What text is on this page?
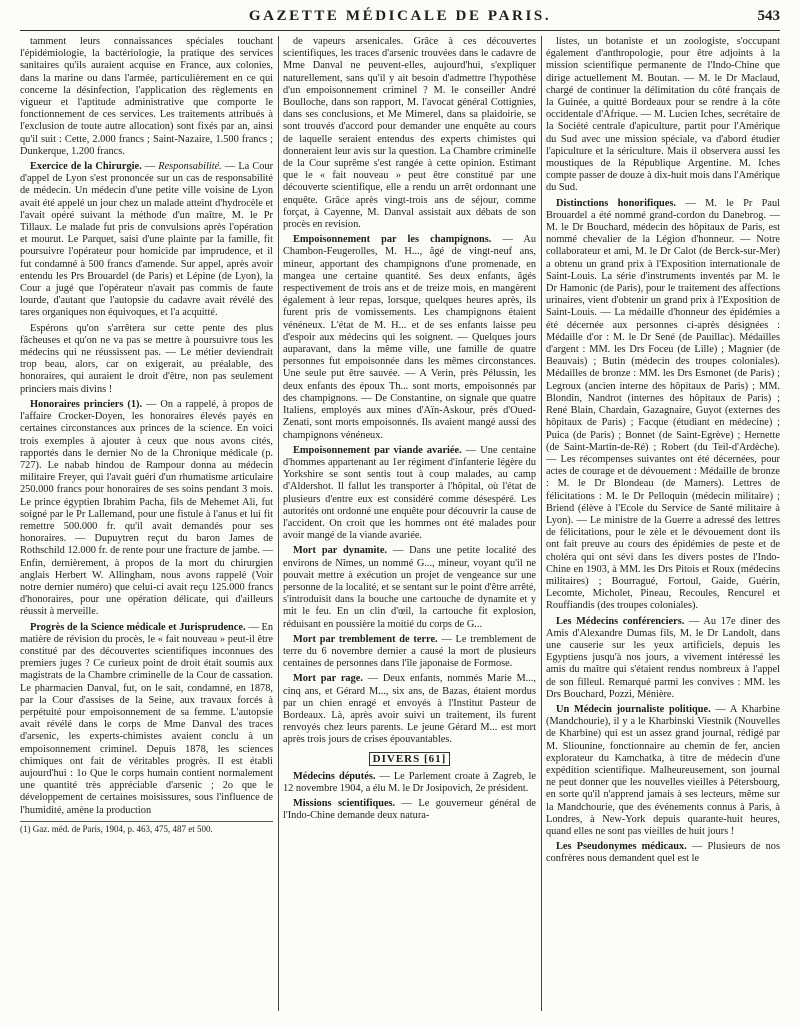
GAZETTE MÉDICALE DE PARIS.	543

tamment leurs connaissances spéciales touchant l'épidémiologie, la bactériologie, la pratique des services sanitaires qu'ils auraient acquise en France, aux colonies, dans la marine ou dans l'armée, particulièrement en ce qui concerne la désinfection, l'application des règlements en vigueur et l'aptitude administrative que comporte le fonctionnement de ces services. Les traitements attribués à l'exclusion de toute autre allocation) sont fixés par an, ainsi qu'il suit : Cette, 2.000 francs ; Saint-Nazaire, 1.500 francs ; Dunkerque, 1.200 francs.

Exercice de la Chirurgie. — Responsabilité. — La Cour d'appel de Lyon s'est prononcée sur un cas de responsabilité de médecin. Un médecin d'une petite ville voisine de Lyon avait été appelé un jour chez un malade atteint d'hydrocèle et l'avait opéré suivant la méthode d'un maître, M. le Pr Tillaux. Le malade fut pris de convulsions après l'opération et mourut. Le Parquet, saisi d'une plainte par la famille, fit poursuivre l'opérateur pour homicide par imprudence, et il fut condamné à 500 francs d'amende. Sur appel, après avoir entendu les Prs Brouardel (de Paris) et Lépine (de Lyon), la Cour a jugé que l'opérateur n'avait pas commis de faute lourde, d'autant que l'autopsie du cadavre avait révélé des tares organiques non équivoques, et l'a acquitté.

Espérons qu'on s'arrêtera sur cette pente des plus fâcheuses et qu'on ne va pas se mettre à poursuivre tous les médecins qui ne réussissent pas. — Le métier deviendrait trop beau, alors, car on exigerait, au préalable, des honoraires, qui auraient le droit d'être, non pas seulement princiers mais divins !

Honoraires princiers (1). — On a rappelé, à propos de l'affaire Crocker-Doyen, les honoraires élevés payés en certaines circonstances aux princes de la science. En voici trois exemples à ajouter à ceux que nous avons cités, rapportés dans le dernier No de la Chronique médicale (p. 727). Le nabab hindou de Rampour donna au médecin militaire Freyer, qui l'avait guéri d'un rhumatisme articulaire 250.000 francs pour honoraires de ses soins pendant 3 mois. Le prince égyptien Ibrahim Pacha, fils de Mehemet Ali, fut soigné par le Pr Lallemand, pour une fistule à l'anus et lui fit remettre 500.000 fr. qu'il avait demandés pour ses honoraires. — Dupuytren reçut du baron James de Rothschild 12.000 fr. de rente pour une fracture de jambe. — Enfin, dernièrement, à propos de la mort du chirurgien anglais Herbert W. Allingham, nous avons rappelé (Voir notre dernier numéro) que celui-ci avait reçu 125.000 francs d'honoraires, pour une opération délicate, qui d'ailleurs réussit à merveille.

Progrès de la Science médicale et Jurisprudence. — En matière de révision du procès, le « fait nouveau » peut-il être constitué par des découvertes scientifiques inconnues des premiers juges ? Ce curieux point de droit était soumis aux magistrats de la Chambre criminelle de la Cour de cassation. Le pharmacien Danval, fut, on le sait, condamné, en 1878, par la Cour d'assises de la Seine, aux travaux forcés à perpétuité pour empoisonnement de sa femme. L'autopsie avait révélé dans le corps de Mme Danval des traces d'arsenic, les experts-chimistes avaient conclu à un empoisonnement criminel. Depuis 1878, les sciences chimiques ont fait de véritables progrès. Il est établi aujourd'hui : 1o Que le corps humain contient normalement une quantité très appréciable d'arsenic ; 2o que le développement de certaines moisissures, sous l'influence de l'humidité, amène la production

(1) Gaz. méd. de Paris, 1904, p. 463, 475, 487 et 500.

de vapeurs arsenicales. Grâce à ces découvertes scientifiques, les traces d'arsenic trouvées dans le cadavre de Mme Danval ne peuvent-elles, aujourd'hui, s'expliquer naturellement, sans qu'il y ait besoin d'admettre l'hypothèse d'un empoisonnement criminel ? M. le conseiller André Boulloche, dans son rapport, M. l'avocat général Cottignies, dans ses conclusions, et Me Mimerel, dans sa plaidoirie, se sont trouvés d'accord pour demander une enquête au cours de laquelle seraient entendus des experts chimistes qui donneraient leur avis sur la question. La Chambre criminelle de la Cour suprême s'est rangée à cette opinion. Estimant que le « fait nouveau » peut être constitué par une découverte scientifique, elle a rendu un arrêt ordonnant une enquête. Grâce après vingt-trois ans de séjour, comme forçat, à Cayenne, M. Danval assistait aux débats de son procès en revision.

Empoisonnement par les champignons. — Au Chambon-Feugerolles, M. H..., âgé de vingt-neuf ans, mineur, apportant des champignons d'une promenade, en mangea une certaine quantité. Ses deux enfants, âgés respectivement de trois ans et de treize mois, en mangèrent également à leur repas, lorsque, quelques heures après, ils furent pris de vomissements. Les champignons étaient vénéneux. L'état de M. H... et de ses enfants laisse peu d'espoir aux médecins qui les soignent. — Quelques jours auparavant, dans la même ville, une famille de quatre personnes fut empoisonnée dans les mêmes circonstances. Une seule put être sauvée. — A Verin, près Pélussin, les deux enfants des époux Th... sont morts, empoisonnés par des champignons. — De Constantine, on signale que quatre Italiens, employés aux mines d'Aïn-Askour, près d'Oued-Zenati, sont morts empoisonnés. Ils avaient mangé aussi des champignons vénéneux.

Empoisonnement par viande avariée. — Une centaine d'hommes appartenant au 1er régiment d'infanterie légère du Yorkshire se sont sentis tout à coup malades, au camp d'Aldershot. Il fallut les transporter à l'hôpital, où l'état de plusieurs d'entre eux est considéré comme désespéré. Les autorités ont ordonné une enquête pour découvrir la cause de l'accident. On croit que les hommes ont été malades pour avoir mangé de la viande avariée.

Mort par dynamite. — Dans une petite localité des environs de Nîmes, un nommé G..., mineur, voyant qu'il ne pouvait mettre à exécution un projet de vengeance sur une personne de la localité, et se sentant sur le point d'être arrêté, s'introduisit dans la bouche une cartouche de dynamite et y mit le feu. En un clin d'œil, la cartouche fit explosion, réduisant en poussière la moitié du corps de G...

Mort par tremblement de terre. — Le tremblement de terre du 6 novembre dernier a causé la mort de plusieurs centaines de personnes dans l'île japonaise de Formose.

Mort par rage. — Deux enfants, nommés Marie M..., cinq ans, et Gérard M..., six ans, de Bazas, étaient mordus par un chien enragé et envoyés à l'Institut Pasteur de Bordeaux. Là, après avoir suivi un traitement, ils furent renvoyés chez leurs parents. Le jeune Gérard M... est mort après trois jours de crises épouvantables.

DIVERS [61]

Médecins députés. — Le Parlement croate à Zagreb, le 12 novembre 1904, a élu M. le Dr Josipovich, 2e président.

Missions scientifiques. — Le gouverneur général de l'Indo-Chine demande deux natura-

listes, un botaniste et un zoologiste, s'occupant également d'anthropologie, pour être adjoints à la mission scientifique permanente de l'Indo-Chine que dirige actuellement M. Boutan. — M. le Dr Maclaud, chargé de continuer la délimitation du côté français de la Guinée, a quitté Bordeaux pour se rendre à la côte occidentale d'Afrique. — M. Lucien Iches, secrétaire de la Société centrale d'apiculture, partit pour l'Amérique du Sud avec une mission spéciale, va d'abord étudier l'apiculture et la sériculture. Mais il observera aussi les moustiques de la République Argentine. M. Iches compte passer de douze à dix-huit mois dans l'Amérique du Sud.

Distinctions honorifiques. — M. le Pr Paul Brouardel a été nommé grand-cordon du Danebrog. — M. le Dr Bouchard, médecin des hôpitaux de Paris, est nommé chevalier de la Légion d'honneur. — Notre collaborateur et ami, M. le Dr Calot (de Berck-sur-Mer) a obtenu un grand prix à l'Exposition internationale de Saint-Louis. La série d'instruments inventés par M. le Dr Hamonic (de Paris), pour le traitement des affections urinaires, vient d'obtenir un grand prix à l'Exposition de Saint-Louis. — La médaille d'honneur des épidémies a été décernée aux personnes ci-après désignées : Médaille d'or : M. le Dr Sené (de Pauillac). Médailles d'argent : MM. les Drs Foceu (de Lille) ; Magnier (de Beauvais) ; Butin (médecin des troupes coloniales). Médailles de bronze : MM. les Drs Esmonet (de Paris) ; Legroux (ancien interne des hôpitaux de Paris) ; MM. Blondin, Nandrot (internes des hôpitaux de Paris) ; René Blain, Chardain, Gazagnaire, Guyot (externes des hôpitaux de Paris) ; Facque (étudiant en médecine) ; Puica (de Paris) ; Bonnet (de Saint-Egrève) ; Hernette (de Saint-Martin-de-Ré) ; Robert (du Teil-d'Ardèche). — Les récompenses suivantes ont été décernées, pour actes de courage et de dévouement : Médaille de bronze : M. le Dr Blondeau (de Mamers). Lettres de félicitations : M. le Dr Pelloquin (médecin militaire) ; Briend (élève à l'Ecole du Service de Santé militaire à Lyon). — Le ministre de la Guerre a adressé des lettres de félicitations, pour le zèle et le dévouement dont ils ont fait preuve au cours des épidémies de peste et de choléra qui ont sévi dans les divers postes de l'Indo-Chine en 1903, à MM. les Drs Pitois et Roux (médecins militaires) ; Bourragué, Fortoul, Gaide, Guérin, Lecomte, Micholet, Pineau, Recoules, Rencurel et Rouffiandis (des troupes coloniales).

Les Médecins conférenciers. — Au 17e diner des Amis d'Alexandre Dumas fils, M. le Dr Landolt, dans une causerie sur les yeux artificiels, depuis les Egyptiens jusqu'à nos jours, a vivement intéressé les amis du maître qui s'étaient rendus nombreux à l'appel de son filleul. Remarqué parmi les convives : MM. les Drs Bouchard, Pozzi, Ménière.

Un Médecin journaliste politique. — A Kharbine (Mandchourie), il y a le Kharbinski Viestnik (Nouvelles de Kharbine) qui est un assez grand journal, rédigé par M. Sliounine, fonctionnaire au chemin de fer, ancien explorateur du Kamchatka, à titre de médecin d'une expédition scientifique. Malheureusement, son journal ne peut donner que les nouvelles vieilles à Pétersbourg, en sorte qu'il n'apprend jamais à ses lecteurs, même sur la Mandchourie, que des événements connus à Paris, à Londres, à New-York depuis quarante-huit heures, quand elles ne sont pas vieilles de huit jours !

Les Pseudonymes médicaux. — Plusieurs de nos confrères nous demandent quel est le
